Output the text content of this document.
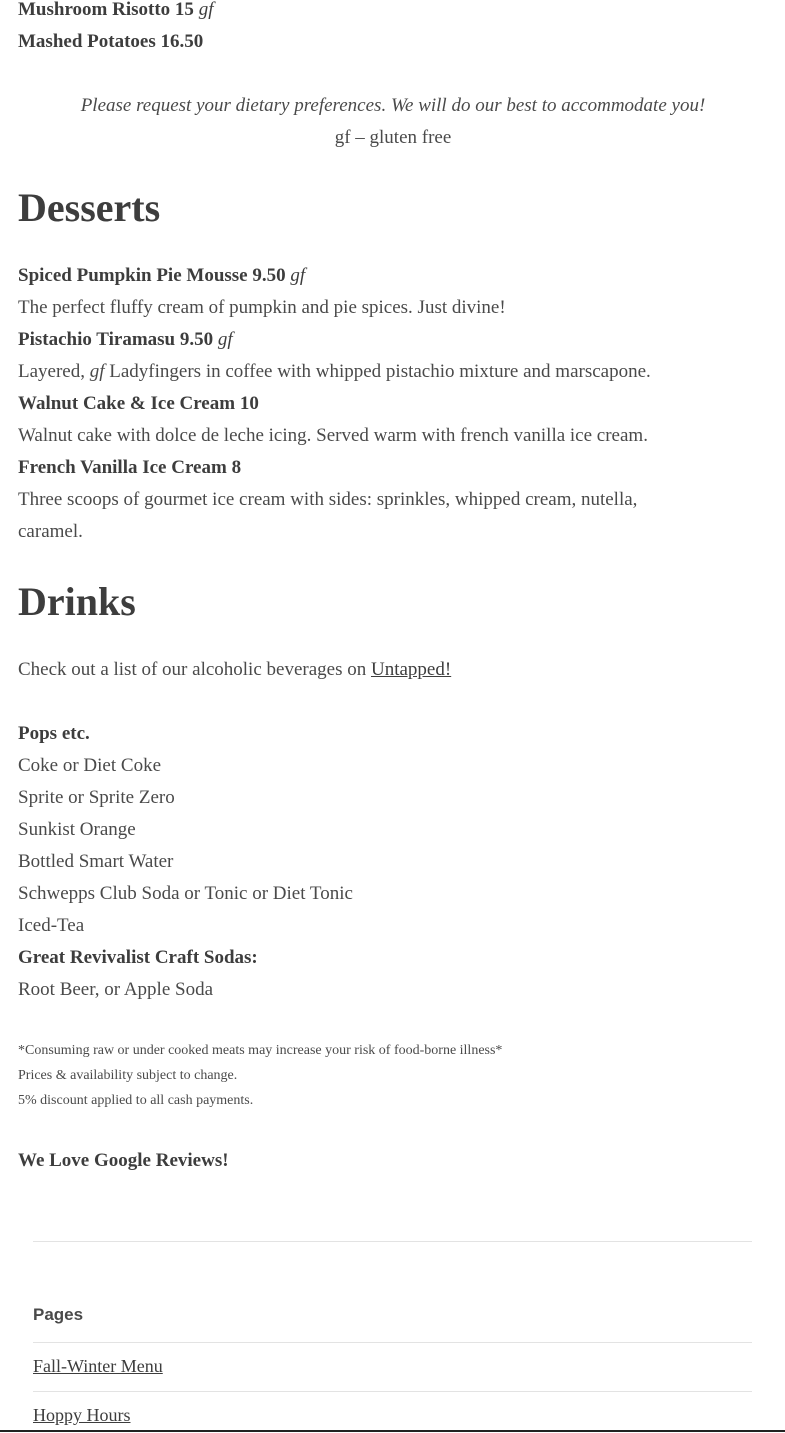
Mushroom Risotto 15 gf

Mashed Potatoes 16.50

Please request your dietary preferences. We will do our best to accommodate you!

gf – gluten free

Desserts

Spiced Pumpkin Pie Mousse 9.50 gf

The perfect fluffy cream of pumpkin and pie spices. Just divine!

Pistachio Tiramasu 9.50 gf

Layered, gf Ladyfingers in coffee with whipped pistachio mixture and marscapone.

Walnut Cake & Ice Cream 10

Walnut cake with dolce de leche icing. Served warm with french vanilla ice cream.

French Vanilla Ice Cream 8

Three scoops of gourmet ice cream with sides: sprinkles, whipped cream, nutella,

caramel.

Drinks

Check out a list of our alcoholic beverages on Untapped!

Pops etc.

Coke or Diet Coke

Sprite or Sprite Zero

Sunkist Orange

Bottled Smart Water

Schwepps Club Soda or Tonic or Diet Tonic

Iced-Tea

Great Revivalist Craft Sodas:

Root Beer, or Apple Soda

*Consuming raw or under cooked meats may increase your risk of food-borne illness*

Prices & availability subject to change.

5% discount applied to all cash payments.

We Love Google Reviews!

Pages
Fall-Winter Menu
Hoppy Hours
